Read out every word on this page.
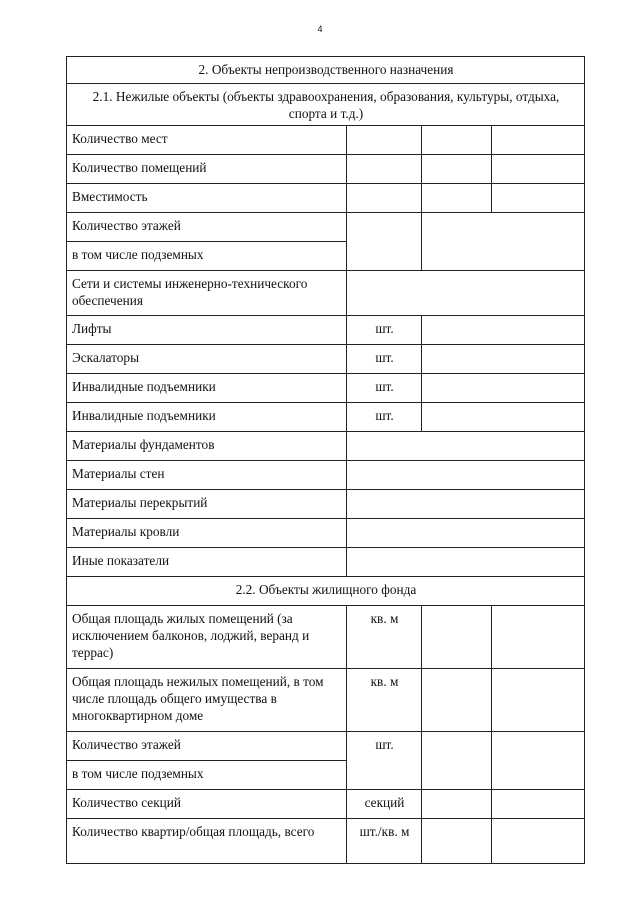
4
2. Объекты непроизводственного назначения			
2.1. Нежилые объекты (объекты здравоохранения, образования, культуры, отдыха, спорта и т.д.)			
Количество мест			
Количество помещений			
Вместимость			
Количество этажей			
в том числе подземных			
Сети и системы инженерно-технического обеспечения			
Лифты	шт.		
Эскалаторы	шт.		
Инвалидные подъемники	шт.		
Инвалидные подъемники	шт.		
Материалы фундаментов			
Материалы стен			
Материалы перекрытий			
Материалы кровли			
Иные показатели			
2.2. Объекты жилищного фонда			
Общая площадь жилых помещений (за исключением балконов, лоджий, веранд и террас)	кв. м		
Общая площадь нежилых помещений, в том числе площадь общего имущества в многоквартирном доме	кв. м		
Количество этажей	шт.		
в том числе подземных			
Количество секций	секций		
Количество квартир/общая площадь, всего	шт./кв. м		
